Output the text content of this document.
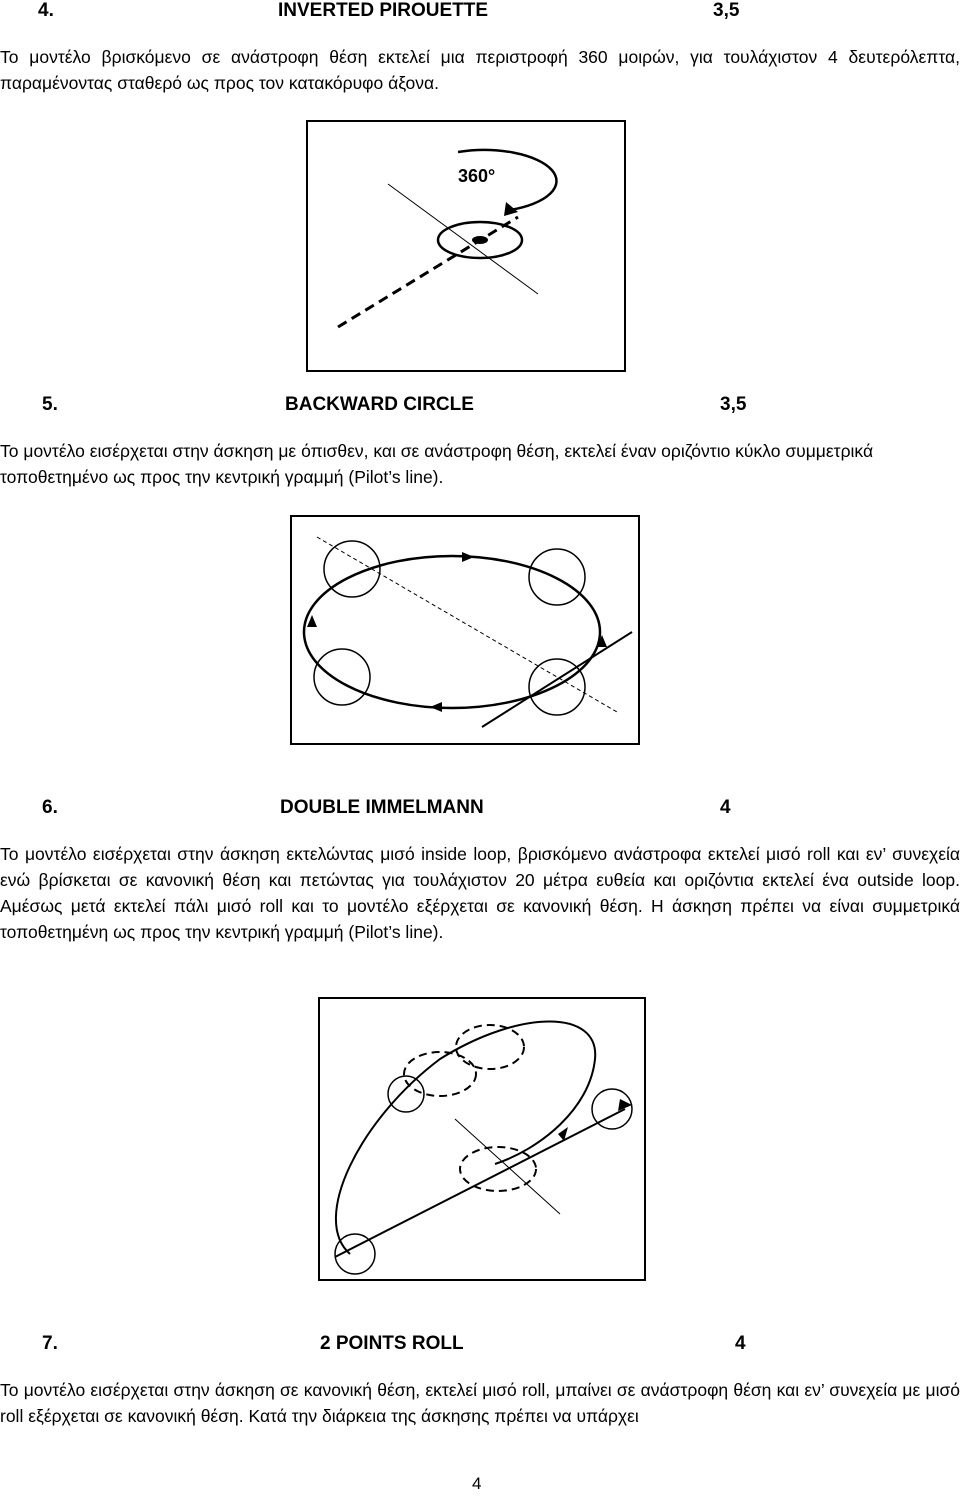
4.	INVERTED PIROUETTE	3,5
Το μοντέλο βρισκόμενο σε ανάστροφη θέση εκτελεί μια περιστροφή 360 μοιρών, για τουλάχιστον 4 δευτερόλεπτα, παραμένοντας σταθερό ως προς τον κατακόρυφο άξονα.
360°
5.	BACKWARD CIRCLE	3,5
Το μοντέλο εισέρχεται στην άσκηση με όπισθεν, και σε ανάστροφη θέση, εκτελεί έναν οριζόντιο κύκλο συμμετρικά τοποθετημένο ως προς την κεντρική γραμμή (Pilot’s line).
6.	DOUBLE IMMELMANN	4
Το μοντέλο εισέρχεται στην άσκηση εκτελώντας μισό inside loop, βρισκόμενο ανάστροφα εκτελεί μισό roll και εν’ συνεχεία ενώ βρίσκεται σε κανονική θέση και πετώντας για τουλάχιστον 20 μέτρα ευθεία και οριζόντια εκτελεί ένα outside loop. Αμέσως μετά εκτελεί πάλι μισό roll και το μοντέλο εξέρχεται σε κανονική θέση. Η άσκηση πρέπει να είναι συμμετρικά τοποθετημένη ως προς την κεντρική γραμμή (Pilot’s line).
7.	2 POINTS ROLL	4
Το μοντέλο εισέρχεται στην άσκηση σε κανονική θέση, εκτελεί μισό roll, μπαίνει σε ανάστροφη θέση και εν’ συνεχεία με μισό roll εξέρχεται σε κανονική θέση. Κατά την διάρκεια της άσκησης πρέπει να υπάρχει
4
